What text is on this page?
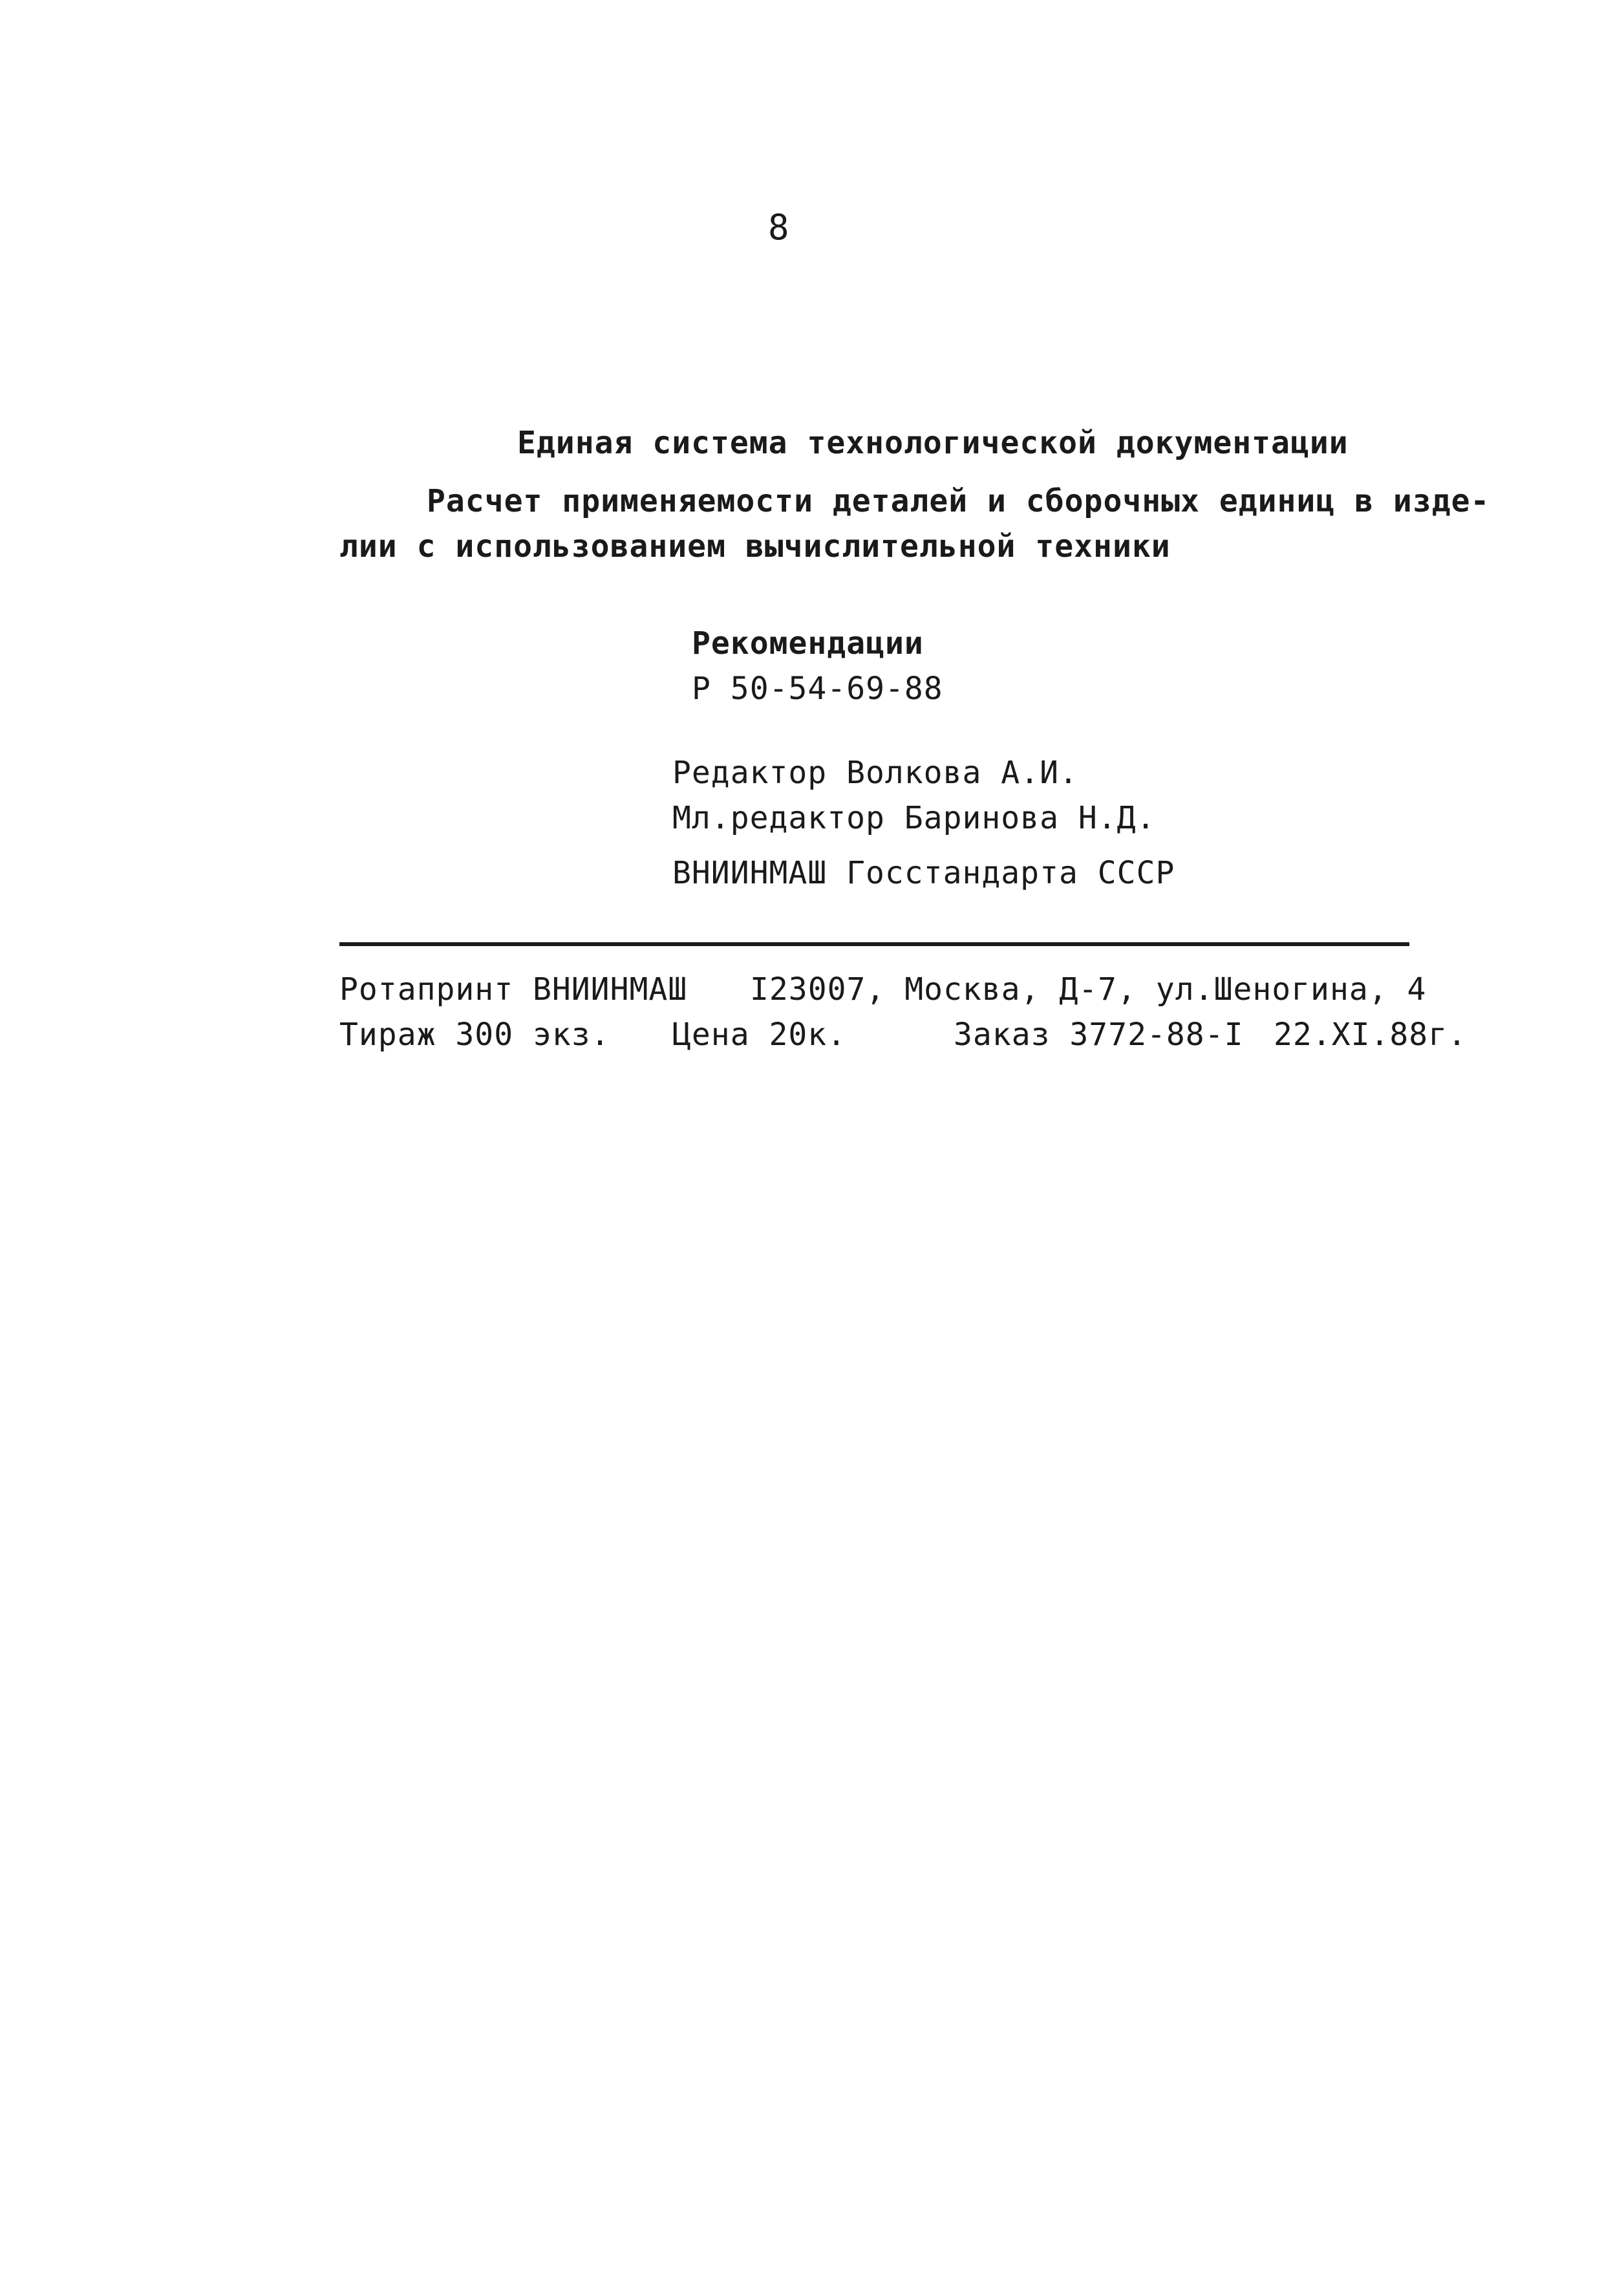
8
Единая система технологической документации
Расчет применяемости деталей и сборочных единиц в изде-
лии с использованием вычислительной техники
Рекомендации
Р 50-54-69-88
Редактор Волкова А.И.
Мл.редактор Баринова Н.Д.
ВНИИНМАШ Госстандарта СССР
Ротапринт ВНИИНМАШ I23007, Москва, Д-7, ул.Шеногина, 4
Тираж 300 экз. Цена 20к.	Заказ 3772-88-I 22.XI.88г.
